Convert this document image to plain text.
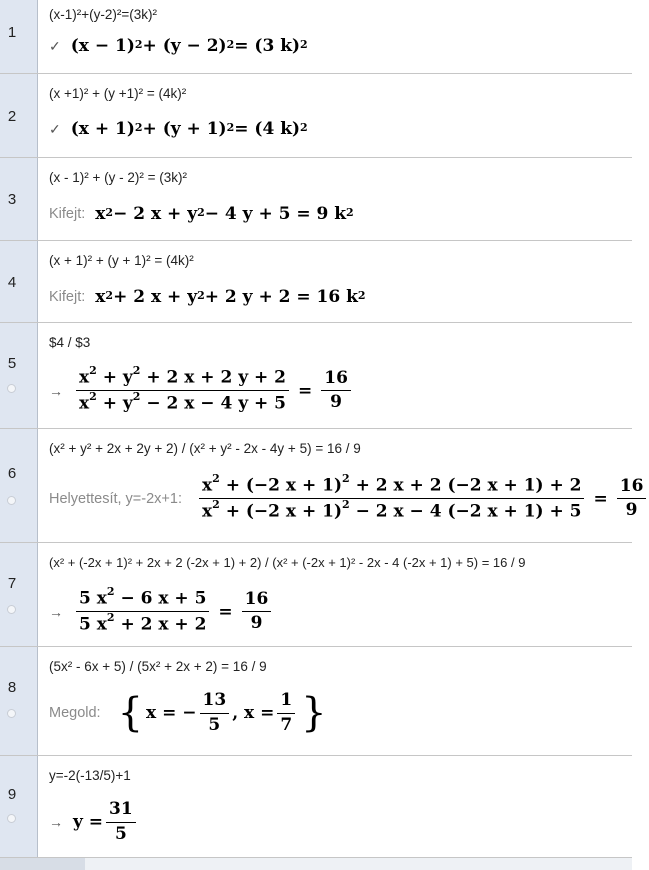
1
(x-1)²+(y-2)²=(3k)²
✓ $(x - 1)^2 + (y - 2)^2 = (3$ k)$^2$
2
(x +1)² + (y +1)² = (4k)²
✓ $(x + 1)^2 + (y + 1)^2 = (4$ k)$^2$
3
(x - 1)² + (y - 2)² = (3k)²
Kifejt: $x^2 - 2$ $x + y^2 - 4$ y + 5 = 9 $k^2$
4
(x + 1)² + (y + 1)² = (4k)²
Kifejt: $x^2 + 2$ $x + y^2 + 2$ y + 2 = 16 $k^2$
5
$4 / $3
→ $\frac{x^2 + y^2 + 2 x + 2 y + 2}{x^2 + y^2 - 2 x - 4 y + 5} = \frac{16}{9}$
6
(x² + y² + 2x + 2y + 2) / (x² + y² - 2x - 4y + 5) = 16 / 9
Helyettesít, y=-2x+1: $\frac{x^2 + (-2 x + 1)^2 + 2 x + 2 (-2 x + 1) + 2}{x^2 + (-2 x + 1)^2 - 2 x - 4 (-2 x + 1) + 5} = \frac{16}{9}$
7
(x² + (-2x + 1)² + 2x + 2 (-2x + 1) + 2) / (x² + (-2x + 1)² - 2x - 4 (-2x + 1) + 5) = 16 / 9
→ $\frac{5 x^2 - 6 x + 5}{5 x^2 + 2 x + 2} = \frac{16}{9}$
8
(5x² - 6x + 5) / (5x² + 2x + 2) = 16 / 9
Megold: { x = − $\frac{13}{5}$ , $x = \frac{1}{7}$ }
9
y=-2(-13/5)+1
→ $y = \frac{31}{5}$
